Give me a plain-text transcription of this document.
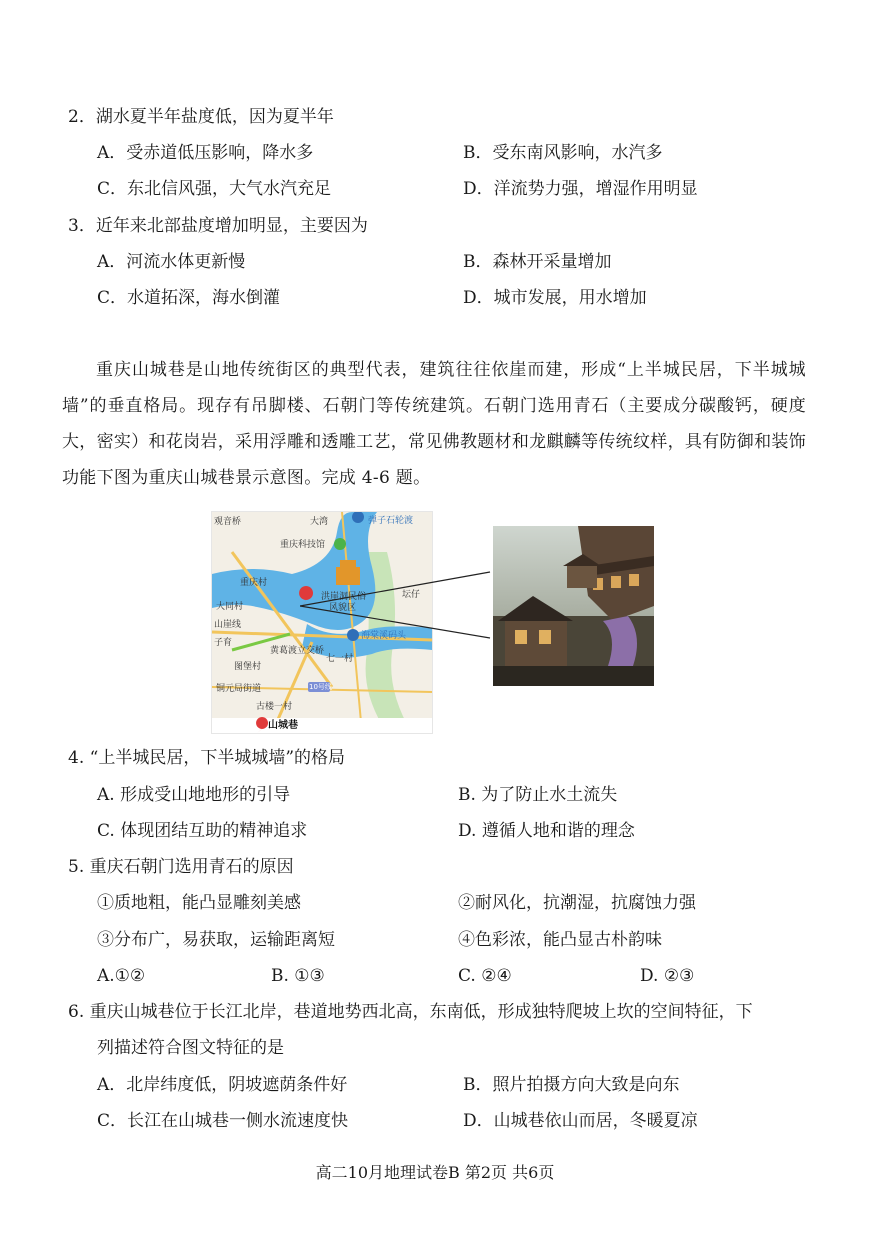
2．湖水夏半年盐度低，因为夏半年
A．受赤道低压影响，降水多	B．受东南风影响，水汽多
C．东北信风强，大气水汽充足	D．洋流势力强，增湿作用明显
3．近年来北部盐度增加明显，主要因为
A．河流水体更新慢	B．森林开采量增加
C．水道拓深，海水倒灌	D．城市发展，用水增加
重庆山城巷是山地传统街区的典型代表，建筑往往依崖而建，形成“上半城民居，下半城城墙”的垂直格局。现存有吊脚楼、石朝门等传统建筑。石朝门选用青石（主要成分碳酸钙，硬度大，密实）和花岗岩，采用浮雕和透雕工艺，常见佛教题材和龙麒麟等传统纹样，具有防御和装饰功能下图为重庆山城巷景示意图。完成 4-6 题。
观音桥	大湾	弹子石轮渡
重庆科技馆
重庆村
洪崖洞民俗
风貌区
坛仔
大同村
山崖线
子育
海棠溪码头
黄葛渡立交桥
七一村
图堡村
铜元局街道	10号线
古楼一村
山城巷
4. “上半城民居，下半城城墙”的格局
A. 形成受山地地形的引导	B. 为了防止水土流失
C. 体现团结互助的精神追求	D. 遵循人地和谐的理念
5. 重庆石朝门选用青石的原因
①质地粗，能凸显雕刻美感	②耐风化，抗潮湿，抗腐蚀力强
③分布广，易获取，运输距离短	④色彩浓，能凸显古朴韵味
A.①②	B. ①③	C. ②④	D. ②③
6. 重庆山城巷位于长江北岸，巷道地势西北高，东南低，形成独特爬坡上坎的空间特征，下
列描述符合图文特征的是
A．北岸纬度低，阴坡遮荫条件好	B．照片拍摄方向大致是向东
C．长江在山城巷一侧水流速度快	D．山城巷依山而居，冬暖夏凉
高二10月地理试卷B 第2页 共6页
